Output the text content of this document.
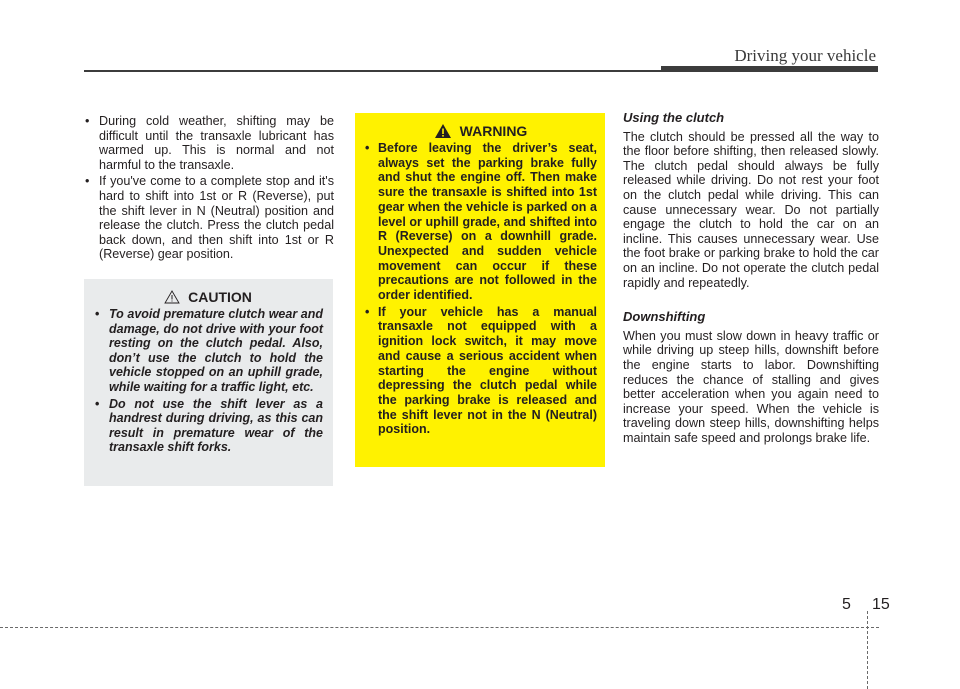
Driving your vehicle
• During cold weather, shifting may be difficult until the transaxle lubricant has warmed up. This is normal and not harmful to the transaxle.
• If you've come to a complete stop and it's hard to shift into 1st or R (Reverse), put the shift lever in N (Neutral) position and release the clutch. Press the clutch pedal back down, and then shift into 1st or R (Reverse) gear position.
CAUTION
• To avoid premature clutch wear and damage, do not drive with your foot resting on the clutch pedal. Also, don’t use the clutch to hold the vehicle stopped on an uphill grade, while waiting for a traffic light, etc.
• Do not use the shift lever as a handrest during driving, as this can result in premature wear of the transaxle shift forks.
WARNING
• Before leaving the driver’s seat, always set the parking brake fully and shut the engine off. Then make sure the transaxle is shifted into 1st gear when the vehicle is parked on a level or uphill grade, and shifted into R (Reverse) on a downhill grade. Unexpected and sudden vehicle movement can occur if these precautions are not followed in the order identified.
• If your vehicle has a manual transaxle not equipped with a ignition lock switch, it may move and cause a serious accident when starting the engine without depressing the clutch pedal while the parking brake is released and the shift lever not in the N (Neutral) position.

Using the clutch

The clutch should be pressed all the way to the floor before shifting, then released slowly. The clutch pedal should always be fully released while driving. Do not rest your foot on the clutch pedal while driving. This can cause unnecessary wear. Do not partially engage the clutch to hold the car on an incline. This causes unnecessary wear. Use the foot brake or parking brake to hold the car on an incline. Do not operate the clutch pedal rapidly and repeatedly.

Downshifting

When you must slow down in heavy traffic or while driving up steep hills, downshift before the engine starts to labor. Downshifting reduces the chance of stalling and gives better acceleration when you again need to increase your speed. When the vehicle is traveling down steep hills, downshifting helps maintain safe speed and prolongs brake life.

5 15
